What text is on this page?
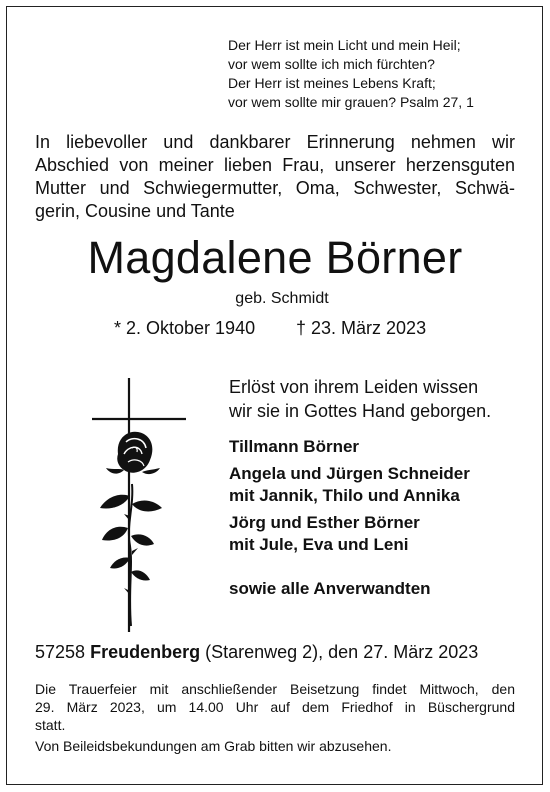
Der Herr ist mein Licht und mein Heil;
vor wem sollte ich mich fürchten?
Der Herr ist meines Lebens Kraft;
vor wem sollte mir grauen? Psalm 27, 1
In liebevoller und dankbarer Erinnerung nehmen wir
Abschied von meiner lieben Frau, unserer herzensguten
Mutter und Schwiegermutter, Oma, Schwester, Schwä-
gerin, Cousine und Tante
Magdalene Börner
geb. Schmidt
* 2. Oktober 1940 † 23. März 2023
Erlöst von ihrem Leiden wissen
wir sie in Gottes Hand geborgen.
Tillmann Börner
Angela und Jürgen Schneider
mit Jannik, Thilo und Annika
Jörg und Esther Börner
mit Jule, Eva und Leni
sowie alle Anverwandten
57258 Freudenberg (Starenweg 2), den 27. März 2023
Die Trauerfeier mit anschließender Beisetzung findet Mittwoch, den
29. März 2023, um 14.00 Uhr auf dem Friedhof in Büschergrund
statt.
Von Beileidsbekundungen am Grab bitten wir abzusehen.
